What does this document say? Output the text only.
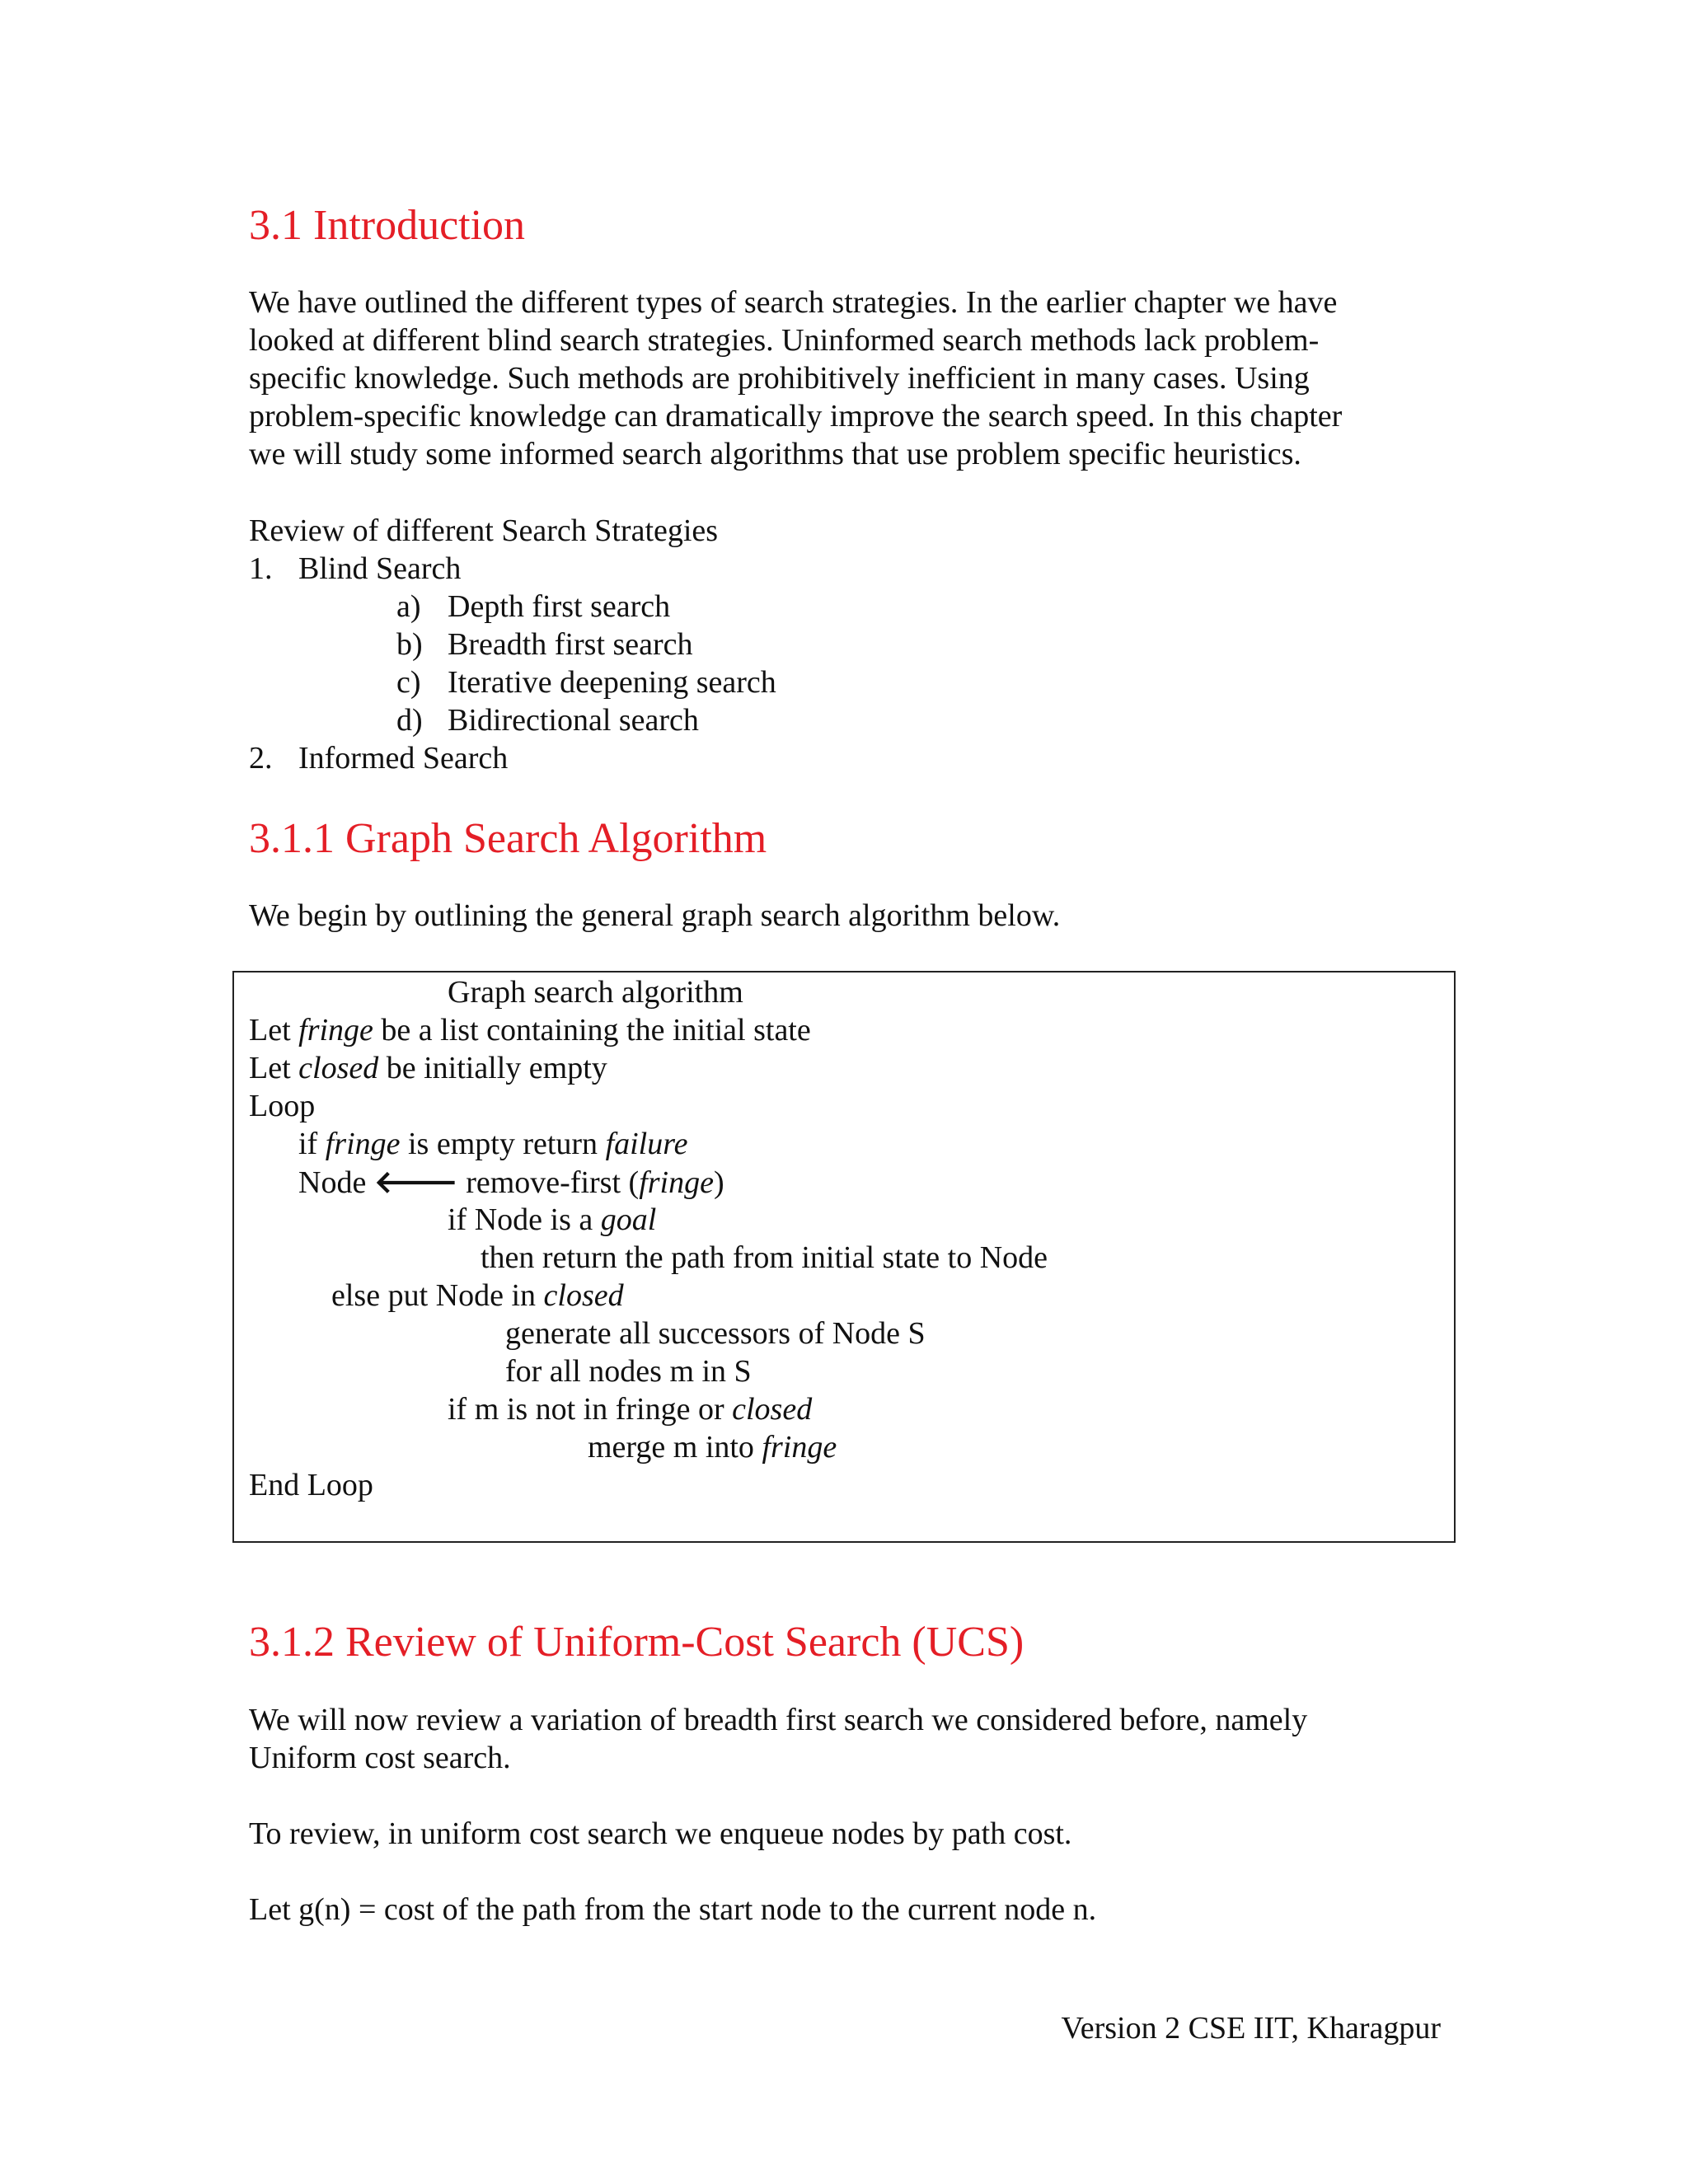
3.1 Introduction
We have outlined the different types of search strategies. In the earlier chapter we have
looked at different blind search strategies. Uninformed search methods lack problem-
specific knowledge. Such methods are prohibitively inefficient in many cases. Using
problem-specific knowledge can dramatically improve the search speed. In this chapter
we will study some informed search algorithms that use problem specific heuristics.
Review of different Search Strategies
1. Blind Search
a) Depth first search
b) Breadth first search
c) Iterative deepening search
d) Bidirectional search
2. Informed Search
3.1.1 Graph Search Algorithm
We begin by outlining the general graph search algorithm below.
Graph search algorithm
Let fringe be a list containing the initial state
Let closed be initially empty
Loop
if fringe is empty return failure
Node 🡐 remove-first (fringe)
if Node is a goal
then return the path from initial state to Node
else put Node in closed
generate all successors of Node S
for all nodes m in S
if m is not in fringe or closed
merge m into fringe
End Loop
3.1.2 Review of Uniform-Cost Search (UCS)
We will now review a variation of breadth first search we considered before, namely
Uniform cost search.
To review, in uniform cost search we enqueue nodes by path cost.
Let g(n) = cost of the path from the start node to the current node n.
Version 2 CSE IIT, Kharagpur
